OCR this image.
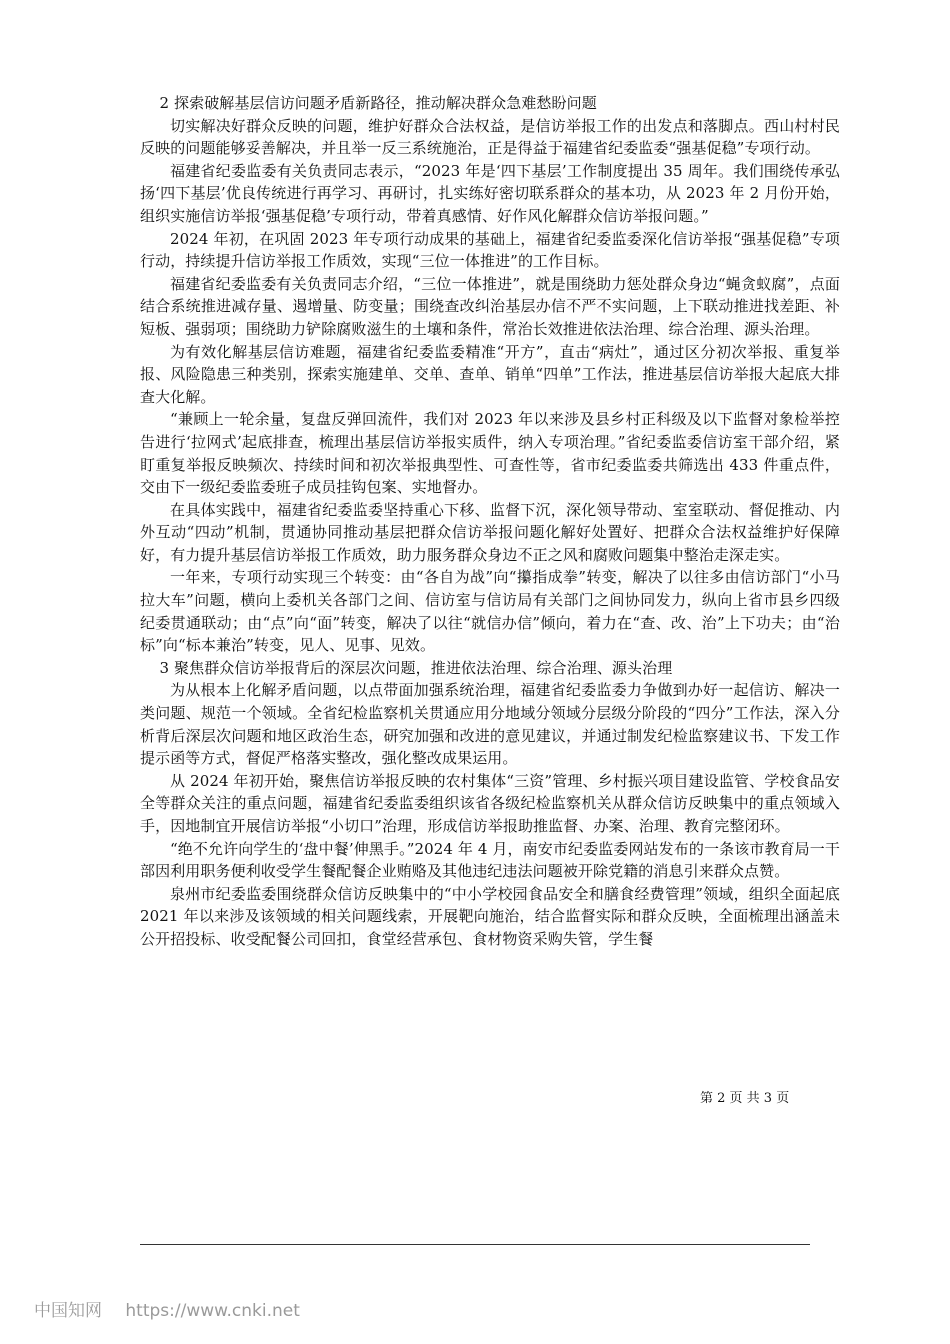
2 探索破解基层信访问题矛盾新路径，推动解决群众急难愁盼问题

切实解决好群众反映的问题，维护好群众合法权益，是信访举报工作的出发点和落脚点。西山村村民反映的问题能够妥善解决，并且举一反三系统施治，正是得益于福建省纪委监委“强基促稳”专项行动。

福建省纪委监委有关负责同志表示，“2023 年是‘四下基层’工作制度提出 35 周年。我们围绕传承弘扬‘四下基层’优良传统进行再学习、再研讨，扎实练好密切联系群众的基本功，从 2023 年 2 月份开始，组织实施信访举报‘强基促稳’专项行动，带着真感情、好作风化解群众信访举报问题。”

2024 年初，在巩固 2023 年专项行动成果的基础上，福建省纪委监委深化信访举报“强基促稳”专项行动，持续提升信访举报工作质效，实现“三位一体推进”的工作目标。

福建省纪委监委有关负责同志介绍，“三位一体推进”，就是围绕助力惩处群众身边“蝇贪蚁腐”，点面结合系统推进减存量、遏增量、防变量；围绕查改纠治基层办信不严不实问题，上下联动推进找差距、补短板、强弱项；围绕助力铲除腐败滋生的土壤和条件，常治长效推进依法治理、综合治理、源头治理。

为有效化解基层信访难题，福建省纪委监委精准“开方”，直击“病灶”，通过区分初次举报、重复举报、风险隐患三种类别，探索实施建单、交单、查单、销单“四单”工作法，推进基层信访举报大起底大排查大化解。

“兼顾上一轮余量，复盘反弹回流件，我们对 2023 年以来涉及县乡村正科级及以下监督对象检举控告进行‘拉网式’起底排查，梳理出基层信访举报实质件，纳入专项治理。”省纪委监委信访室干部介绍，紧盯重复举报反映频次、持续时间和初次举报典型性、可查性等，省市纪委监委共筛选出 433 件重点件，交由下一级纪委监委班子成员挂钩包案、实地督办。

在具体实践中，福建省纪委监委坚持重心下移、监督下沉，深化领导带动、室室联动、督促推动、内外互动“四动”机制，贯通协同推动基层把群众信访举报问题化解好处置好、把群众合法权益维护好保障好，有力提升基层信访举报工作质效，助力服务群众身边不正之风和腐败问题集中整治走深走实。

一年来，专项行动实现三个转变：由“各自为战”向“攥指成拳”转变，解决了以往多由信访部门“小马拉大车”问题，横向上委机关各部门之间、信访室与信访局有关部门之间协同发力，纵向上省市县乡四级纪委贯通联动；由“点”向“面”转变，解决了以往“就信办信”倾向，着力在“查、改、治”上下功夫；由“治标”向“标本兼治”转变，见人、见事、见效。

3 聚焦群众信访举报背后的深层次问题，推进依法治理、综合治理、源头治理

为从根本上化解矛盾问题，以点带面加强系统治理，福建省纪委监委力争做到办好一起信访、解决一类问题、规范一个领域。全省纪检监察机关贯通应用分地域分领域分层级分阶段的“四分”工作法，深入分析背后深层次问题和地区政治生态，研究加强和改进的意见建议，并通过制发纪检监察建议书、下发工作提示函等方式，督促严格落实整改，强化整改成果运用。

从 2024 年初开始，聚焦信访举报反映的农村集体“三资”管理、乡村振兴项目建设监管、学校食品安全等群众关注的重点问题，福建省纪委监委组织该省各级纪检监察机关从群众信访反映集中的重点领域入手，因地制宜开展信访举报“小切口”治理，形成信访举报助推监督、办案、治理、教育完整闭环。

“绝不允许向学生的‘盘中餐’伸黑手。”2024 年 4 月，南安市纪委监委网站发布的一条该市教育局一干部因利用职务便利收受学生餐配餐企业贿赂及其他违纪违法问题被开除党籍的消息引来群众点赞。

泉州市纪委监委围绕群众信访反映集中的“中小学校园食品安全和膳食经费管理”领域，组织全面起底 2021 年以来涉及该领域的相关问题线索，开展靶向施治，结合监督实际和群众反映，全面梳理出涵盖未公开招投标、收受配餐公司回扣，食堂经营承包、食材物资采购失管，学生餐

第 2 页 共 3 页
中国知网 https://www.cnki.net
